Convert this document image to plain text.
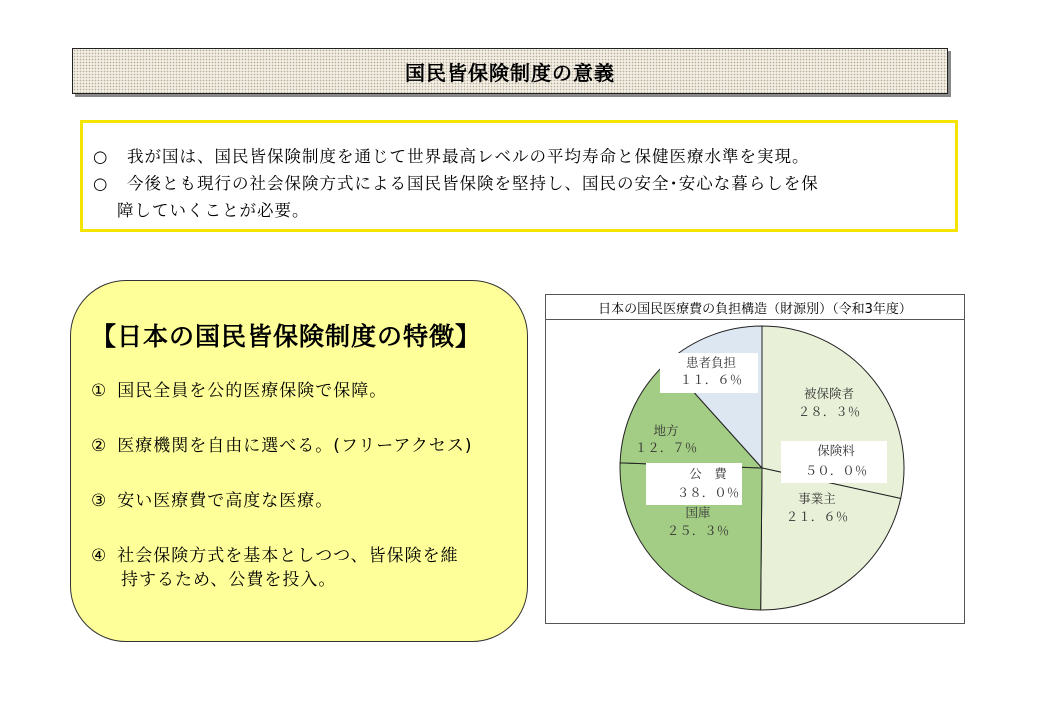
国民皆保険制度の意義
○	我が国は、国民皆保険制度を通じて世界最高レベルの平均寿命と保健医療水準を実現。
○	今後とも現行の社会保険方式による国民皆保険を堅持し、国民の安全･安心な暮らしを保
障していくことが必要。
【日本の国民皆保険制度の特徴】
① 国民全員を公的医療保険で保障。
② 医療機関を自由に選べる。(フリーアクセス)
③ 安い医療費で高度な医療。
④ 社会保険方式を基本としつつ、皆保険を維
持するため、公費を投入。
日本の国民医療費の負担構造（財源別）（令和3年度）
被保険者
２８．３％
事業主
２１．６％
国庫
２５．３％
地方
１２．７％
患者負担
１１．６％
保険料
５０．０％
公　費
３８．０％
